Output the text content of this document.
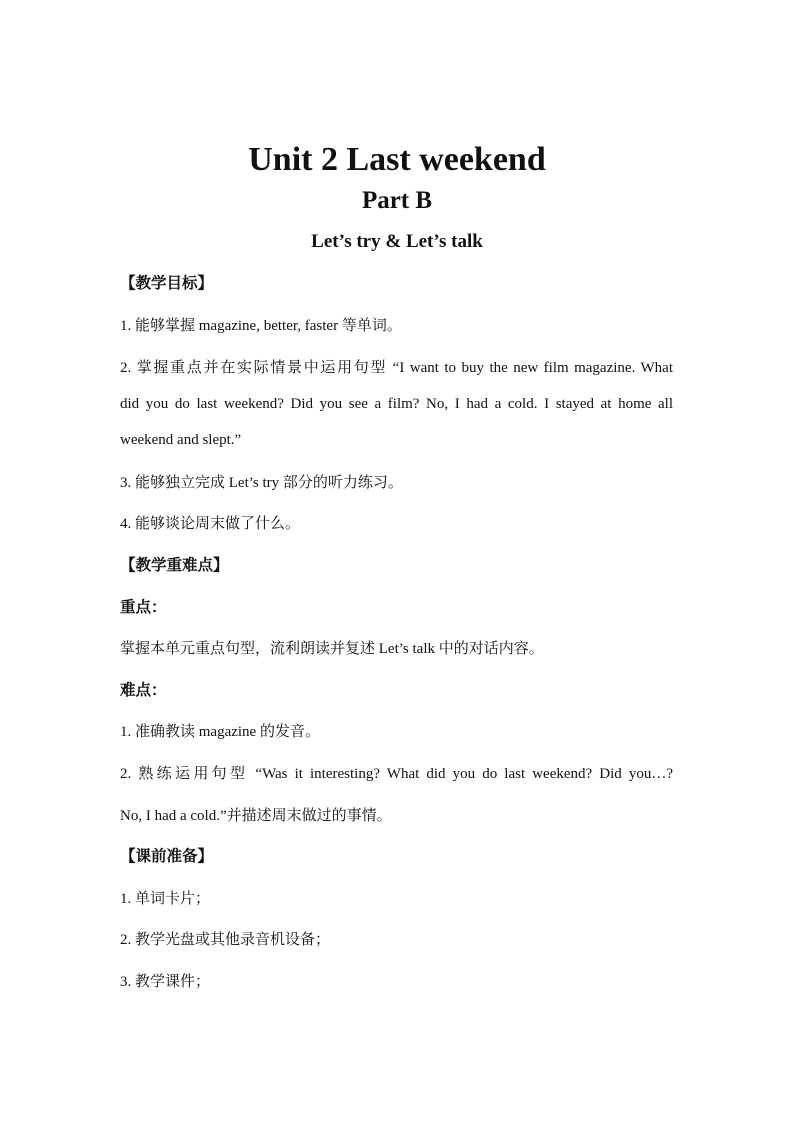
Unit 2 Last weekend
Part B
Let’s try & Let’s talk
【教学目标】
1. 能够掌握 magazine, better, faster 等单词。
2. 掌握重点并在实际情景中运用句型 “I want to buy the new film magazine. What
did you do last weekend? Did you see a film? No, I had a cold. I stayed at home all
weekend and slept.”
3. 能够独立完成 Let’s try 部分的听力练习。
4. 能够谈论周末做了什么。
【教学重难点】
重点：
掌握本单元重点句型，流利朗读并复述 Let’s talk 中的对话内容。
难点：
1. 准确教读 magazine 的发音。
2. 熟练运用句型 “Was it interesting? What did you do last weekend? Did you…?
No, I had a cold.”并描述周末做过的事情。
【课前准备】
1. 单词卡片；
2. 教学光盘或其他录音机设备；
3. 教学课件；
